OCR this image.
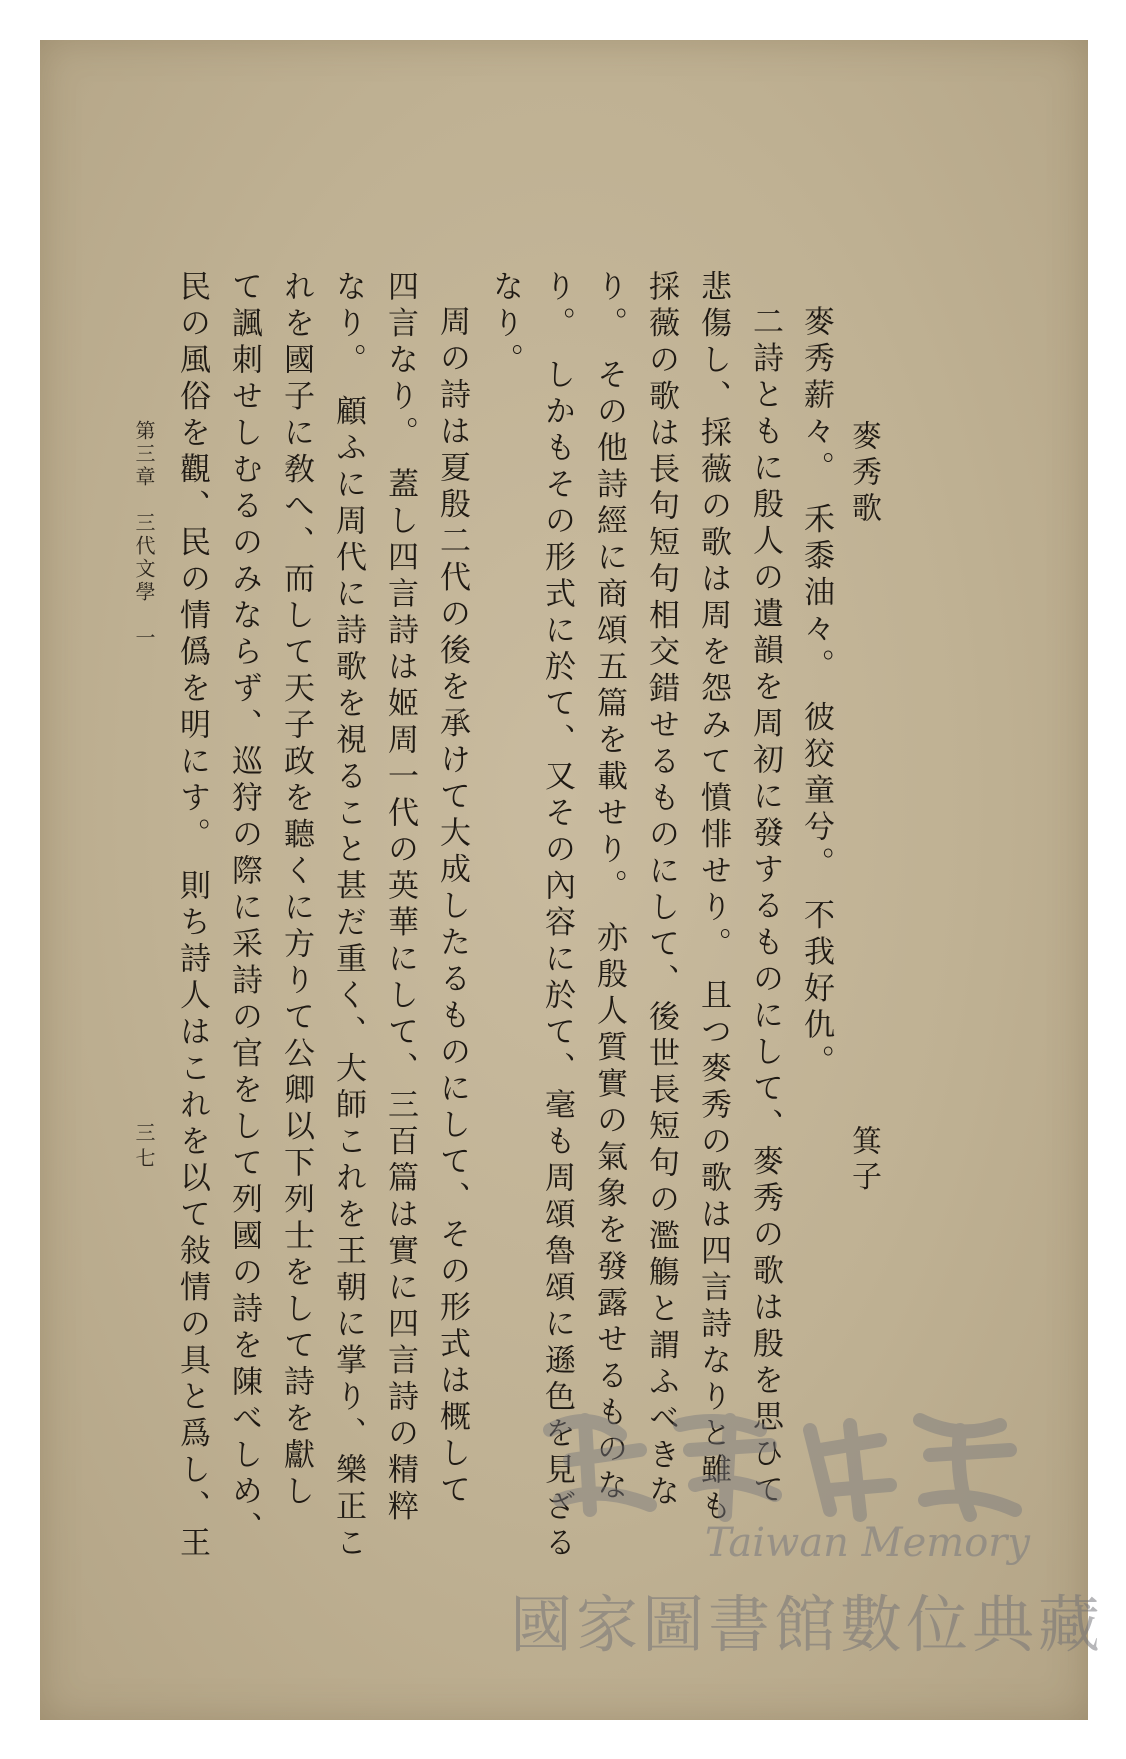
麥秀歌
箕子
麥秀薪々。 禾黍油々。 彼狡童兮。 不我好仇。
二詩ともに殷人の遺韻を周初に發するものにして、麥秀の歌は殷を思ひて
悲傷し、採薇の歌は周を怨みて憤悱せり。 且つ麥秀の歌は四言詩なりと雖も
採薇の歌は長句短句相交錯せるものにして、後世長短句の濫觴と謂ふべきな
り。 その他詩經に商頌五篇を載せり。 亦殷人質實の氣象を發露せるものな
り。 しかもその形式に於て、又その內容に於て、毫も周頌魯頌に遜色を見ざる
なり。
周の詩は夏殷二代の後を承けて大成したるものにして、その形式は概して
四言なり。 蓋し四言詩は姬周一代の英華にして、三百篇は實に四言詩の精粹
なり。 顧ふに周代に詩歌を視ること甚だ重く、大師これを王朝に掌り、樂正こ
れを國子に敎へ、而して天子政を聽くに方りて公卿以下列士をして詩を獻し
て諷刺せしむるのみならず、巡狩の際に采詩の官をして列國の詩を陳べしめ、
民の風俗を觀、民の情僞を明にす。 則ち詩人はこれを以て敍情の具と爲し、王
第三章　三代文學　一
三七
Taiwan Memory
國家圖書館數位典藏
